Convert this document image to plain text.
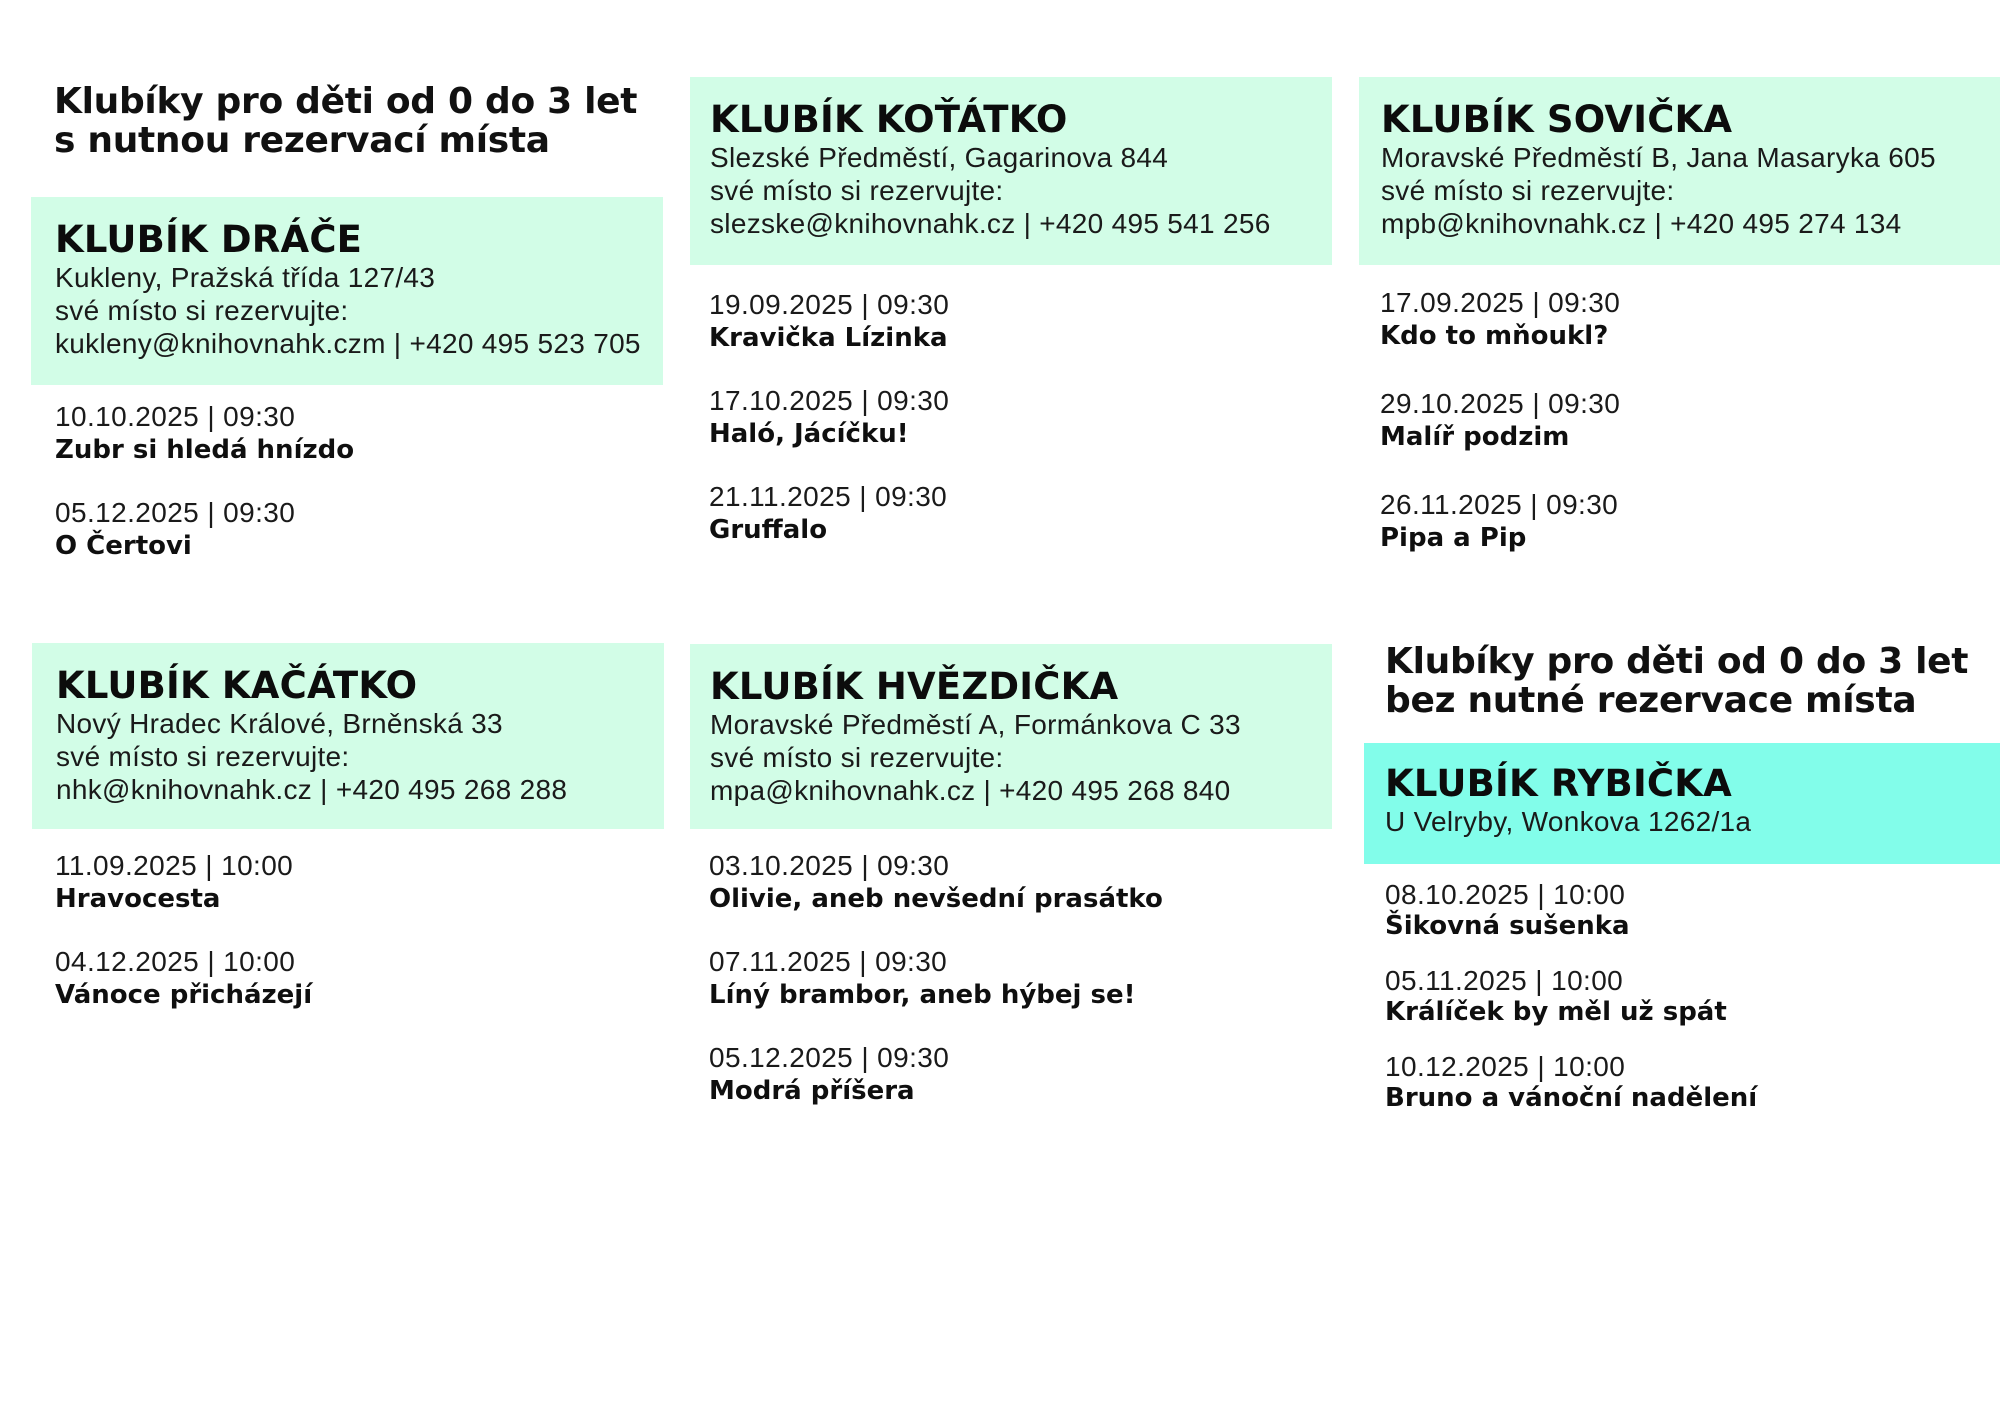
Klubíky pro děti od 0 do 3 let
s nutnou rezervací místa
Klubíky pro děti od 0 do 3 let
bez nutné rezervace místa
KLUBÍK DRÁČE
Kukleny, Pražská třída 127/43
své místo si rezervujte:
kukleny@knihovnahk.czm | +420 495 523 705
10.10.2025 | 09:30
Zubr si hledá hnízdo
05.12.2025 | 09:30
O Čertovi
KLUBÍK KOŤÁTKO
Slezské Předměstí, Gagarinova 844
své místo si rezervujte:
slezske@knihovnahk.cz | +420 495 541 256
19.09.2025 | 09:30
Kravička Lízinka
17.10.2025 | 09:30
Haló, Jácíčku!
21.11.2025 | 09:30
Gruffalo
KLUBÍK SOVIČKA
Moravské Předměstí B, Jana Masaryka 605
své místo si rezervujte:
mpb@knihovnahk.cz | +420 495 274 134
17.09.2025 | 09:30
Kdo to mňoukl?
29.10.2025 | 09:30
Malíř podzim
26.11.2025 | 09:30
Pipa a Pip
KLUBÍK KAČÁTKO
Nový Hradec Králové, Brněnská 33
své místo si rezervujte:
nhk@knihovnahk.cz | +420 495 268 288
11.09.2025 | 10:00
Hravocesta
04.12.2025 | 10:00
Vánoce přicházejí
KLUBÍK HVĚZDIČKA
Moravské Předměstí A, Formánkova C 33
své místo si rezervujte:
mpa@knihovnahk.cz | +420 495 268 840
03.10.2025 | 09:30
Olivie, aneb nevšední prasátko
07.11.2025 | 09:30
Líný brambor, aneb hýbej se!
05.12.2025 | 09:30
Modrá příšera
KLUBÍK RYBIČKA
U Velryby, Wonkova 1262/1a
08.10.2025 | 10:00
Šikovná sušenka
05.11.2025 | 10:00
Králíček by měl už spát
10.12.2025 | 10:00
Bruno a vánoční nadělení
